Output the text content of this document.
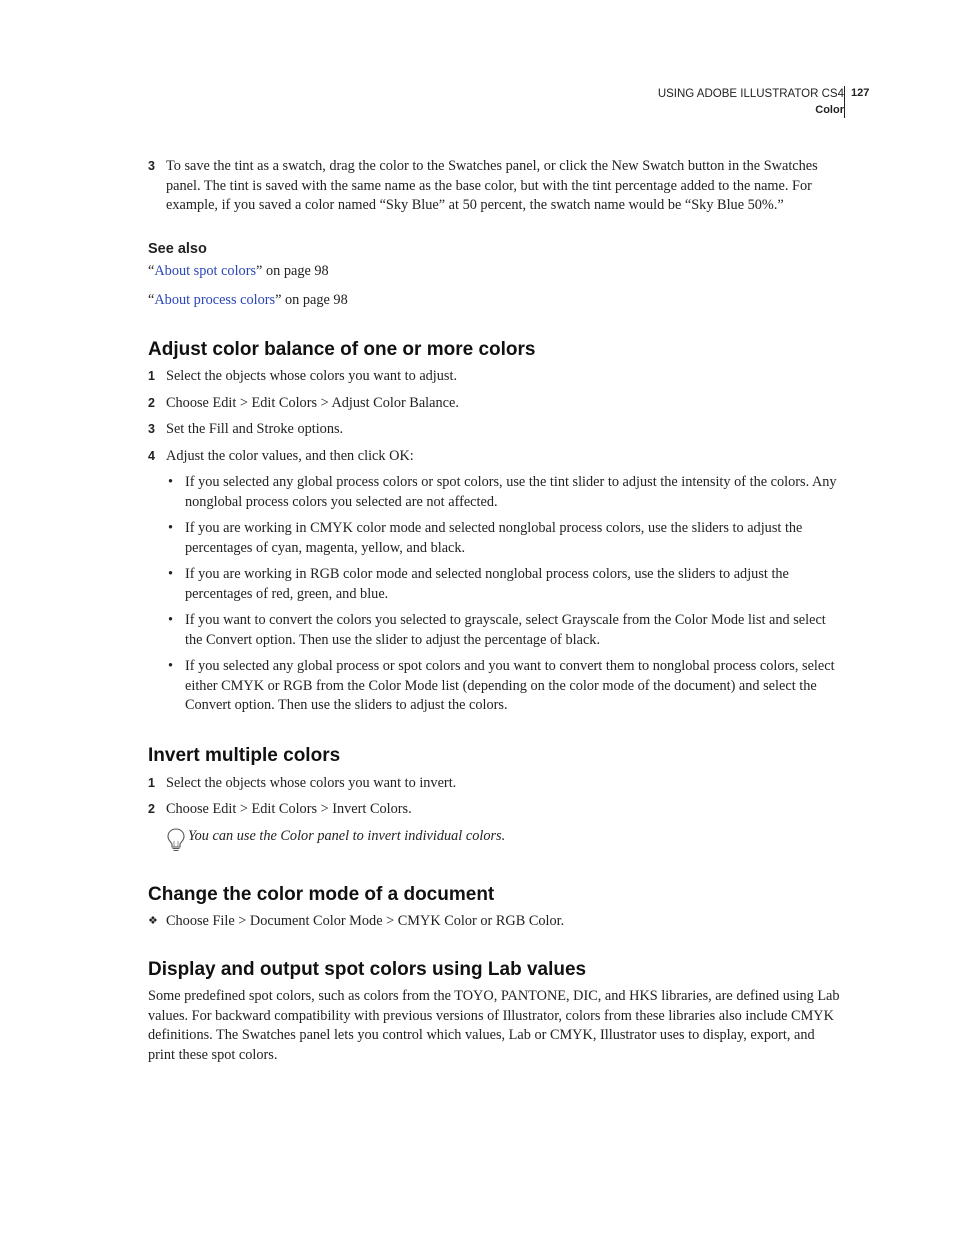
USING ADOBE ILLUSTRATOR CS4
Color
127
3 To save the tint as a swatch, drag the color to the Swatches panel, or click the New Swatch button in the Swatches panel. The tint is saved with the same name as the base color, but with the tint percentage added to the name. For example, if you saved a color named “Sky Blue” at 50 percent, the swatch name would be “Sky Blue 50%.”
See also
“About spot colors” on page 98
“About process colors” on page 98
Adjust color balance of one or more colors
1 Select the objects whose colors you want to adjust.
2 Choose Edit > Edit Colors > Adjust Color Balance.
3 Set the Fill and Stroke options.
4 Adjust the color values, and then click OK:
• If you selected any global process colors or spot colors, use the tint slider to adjust the intensity of the colors. Any nonglobal process colors you selected are not affected.
• If you are working in CMYK color mode and selected nonglobal process colors, use the sliders to adjust the percentages of cyan, magenta, yellow, and black.
• If you are working in RGB color mode and selected nonglobal process colors, use the sliders to adjust the percentages of red, green, and blue.
• If you want to convert the colors you selected to grayscale, select Grayscale from the Color Mode list and select the Convert option. Then use the slider to adjust the percentage of black.
• If you selected any global process or spot colors and you want to convert them to nonglobal process colors, select either CMYK or RGB from the Color Mode list (depending on the color mode of the document) and select the Convert option. Then use the sliders to adjust the colors.
Invert multiple colors
1 Select the objects whose colors you want to invert.
2 Choose Edit > Edit Colors > Invert Colors.
You can use the Color panel to invert individual colors.
Change the color mode of a document
❖ Choose File > Document Color Mode > CMYK Color or RGB Color.
Display and output spot colors using Lab values

Some predefined spot colors, such as colors from the TOYO, PANTONE, DIC, and HKS libraries, are defined using Lab values. For backward compatibility with previous versions of Illustrator, colors from these libraries also include CMYK definitions. The Swatches panel lets you control which values, Lab or CMYK, Illustrator uses to display, export, and print these spot colors.
